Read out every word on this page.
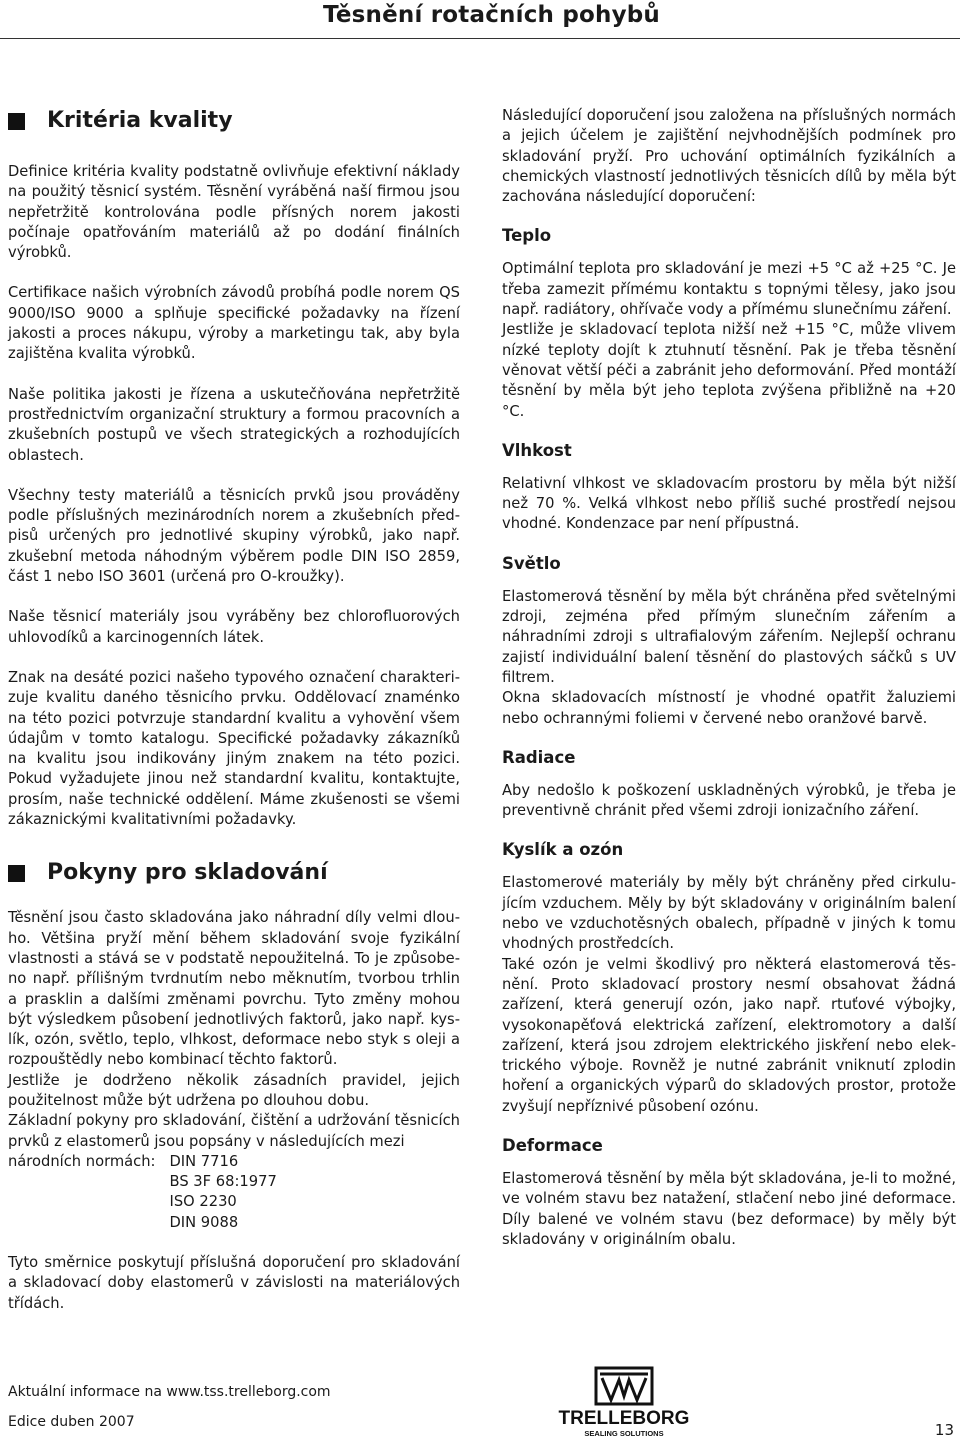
Těsnění rotačních pohybů
Kritéria kvality

Definice kritéria kvality podstatně ovlivňuje efektivní náklady na použitý těsnicí systém. Těsnění vyráběná naší firmou jsou nepřetržitě kontrolována podle přísných norem jakosti počínaje opatřováním materiálů až po dodání finálních výrobků.

Certifikace našich výrobních závodů probíhá podle norem QS 9000/ISO 9000 a splňuje specifické požadavky na řízení jakosti a proces nákupu, výroby a marketingu tak, aby byla zajištěna kvalita výrobků.

Naše politika jakosti je řízena a uskutečňována nepřetržitě prostřednictvím organizační struktury a formou pracovních a zkušebních postupů ve všech strategických a rozhodujících oblastech.

Všechny testy materiálů a těsnicích prvků jsou prováděny podle příslušných mezinárodních norem a zkušebních předpisů určených pro jednotlivé skupiny výrobků, jako např. zkušební metoda náhodným výběrem podle DIN ISO 2859, část 1 nebo ISO 3601 (určená pro O-kroužky).

Naše těsnicí materiály jsou vyráběny bez chlorofluorových uhlovodíků a karcinogenních látek.

Znak na desáté pozici našeho typového označení charakterizuje kvalitu daného těsnicího prvku. Oddělovací znaménko na této pozici potvrzuje standardní kvalitu a vyhovění všem údajům v tomto katalogu. Specifické požadavky zákazníků na kvalitu jsou indikovány jiným znakem na této pozici. Pokud vyžadujete jinou než standardní kvalitu, kontaktujte, prosím, naše technické oddělení. Máme zkušenosti se všemi zákaznickými kvalitativními požadavky.

Pokyny pro skladování

Těsnění jsou často skladována jako náhradní díly velmi dlouho. Většina pryží mění během skladování svoje fyzikální vlastnosti a stává se v podstatě nepoužitelná. To je způsobeno např. přílišným tvrdnutím nebo měknutím, tvorbou trhlin a prasklin a dalšími změnami povrchu. Tyto změny mohou být výsledkem působení jednotlivých faktorů, jako např. kyslík, ozón, světlo, teplo, vlhkost, deformace nebo styk s oleji a rozpouštědly nebo kombinací těchto faktorů.

Jestliže je dodrženo několik zásadních pravidel, jejich použitelnost může být udržena po dlouhou dobu.

Základní pokyny pro skladování, čištění a udržování těsnicích prvků z elastomerů jsou popsány v následujících mezi

národních normách: DIN 7716
BS 3F 68:1977
ISO 2230
DIN 9088

Tyto směrnice poskytují příslušná doporučení pro skladování a skladovací doby elastomerů v závislosti na materiálových třídách.

Následující doporučení jsou založena na příslušných normách a jejich účelem je zajištění nejvhodnějších podmínek pro skladování pryží. Pro uchování optimálních fyzikálních a chemických vlastností jednotlivých těsnicích dílů by měla být zachována následující doporučení:

Teplo

Optimální teplota pro skladování je mezi +5 °C až +25 °C. Je třeba zamezit přímému kontaktu s topnými tělesy, jako jsou např. radiátory, ohřívače vody a přímému slunečnímu záření.

Jestliže je skladovací teplota nižší než +15 °C, může vlivem nízké teploty dojít k ztuhnutí těsnění. Pak je třeba těsnění věnovat větší péči a zabránit jeho deformování. Před montáží těsnění by měla být jeho teplota zvýšena přibližně na +20 °C.

Vlhkost

Relativní vlhkost ve skladovacím prostoru by měla být nižší než 70 %. Velká vlhkost nebo příliš suché prostředí nejsou vhodné. Kondenzace par není přípustná.

Světlo

Elastomerová těsnění by měla být chráněna před světelnými zdroji, zejména před přímým slunečním zářením a náhradními zdroji s ultrafialovým zářením. Nejlepší ochranu zajistí individuální balení těsnění do plastových sáčků s UV filtrem.

Okna skladovacích místností je vhodné opatřit žaluziemi nebo ochrannými foliemi v červené nebo oranžové barvě.

Radiace

Aby nedošlo k poškození uskladněných výrobků, je třeba je preventivně chránit před všemi zdroji ionizačního záření.

Kyslík a ozón

Elastomerové materiály by měly být chráněny před cirkulujícím vzduchem. Měly by být skladovány v originálním balení nebo ve vzduchotěsných obalech, případně v jiných k tomu vhodných prostředcích.

Také ozón je velmi škodlivý pro některá elastomerová těsnění. Proto skladovací prostory nesmí obsahovat žádná zařízení, která generují ozón, jako např. rtuťové výbojky, vysokonapěťová elektrická zařízení, elektromotory a další zařízení, která jsou zdrojem elektrického jiskření nebo elektrického výboje. Rovněž je nutné zabránit vniknutí zplodin hoření a organických výparů do skladových prostor, protože zvyšují nepříznivé působení ozónu.

Deformace

Elastomerová těsnění by měla být skladována, je-li to možné, ve volném stavu bez natažení, stlačení nebo jiné deformace. Díly balené ve volném stavu (bez deformace) by měly být skladovány v originálním obalu.

Aktuální informace na www.tss.trelleborg.com
Edice duben 2007	TRELLEBORG
SEALING SOLUTIONS	13
